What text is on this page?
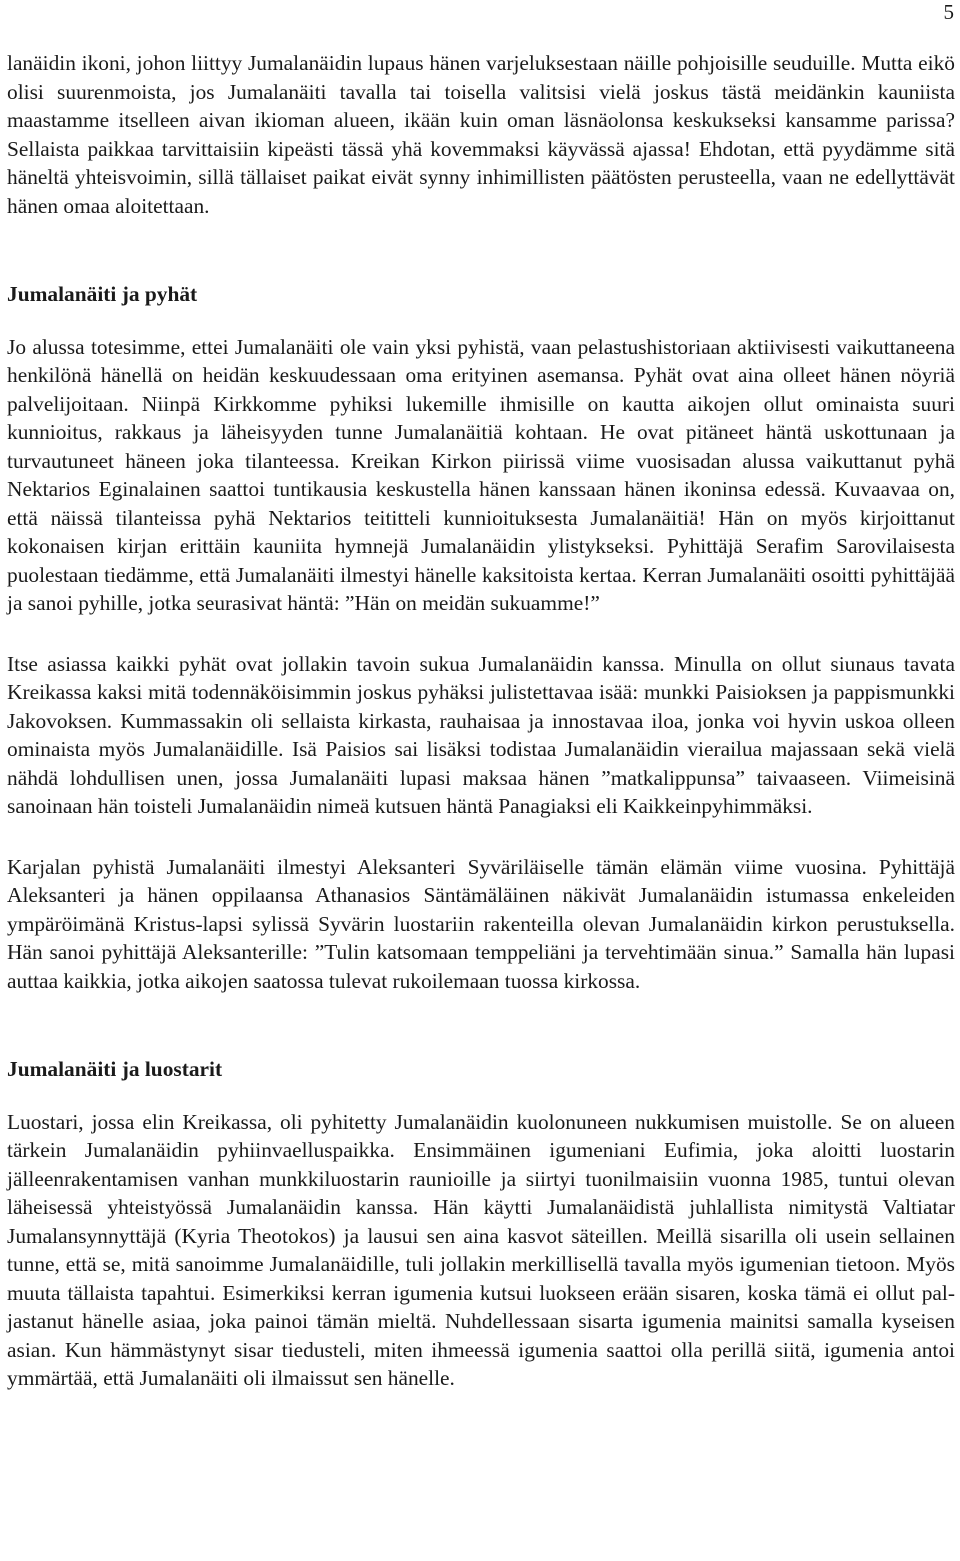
5

lanäidin ikoni, johon liittyy Jumalanäidin lupaus hänen varjeluksestaan näille pohjoisille seuduille. Mutta eikö olisi suurenmoista, jos Jumalanäiti tavalla tai toisella valitsisi vielä joskus tästä meidänkin kauniista maastamme itselleen aivan ikioman alueen, ikään kuin oman läsnäolonsa keskukseksi kansamme parissa? Sellaista paikkaa tarvittaisiin kipeästi tässä yhä kovemmaksi käyvässä ajassa! Ehdotan, että pyydämme sitä häneltä yhteisvoimin, sillä tällaiset paikat eivät synny inhimillisten päätösten perusteella, vaan ne edellyttävät hänen omaa aloitettaan.

Jumalanäiti ja pyhät

Jo alussa totesimme, ettei Jumalanäiti ole vain yksi pyhistä, vaan pelastushistoriaan aktiivisesti vaikuttaneena henkilönä hänellä on heidän keskuudessaan oma erityinen asemansa. Pyhät ovat aina olleet hänen nöyriä palvelijoitaan. Niinpä Kirkkomme pyhiksi lukemille ihmisille on kautta aikojen ollut ominaista suuri kunnioitus, rakkaus ja läheisyyden tunne Jumalanäitiä kohtaan. He ovat pitäneet häntä uskottunaan ja turvautuneet häneen joka tilanteessa. Kreikan Kirkon piirissä viime vuosisadan alussa vaikuttanut pyhä Nektarios Eginalainen saattoi tuntikausia keskustella hänen kanssaan hänen ikoninsa edessä. Kuvaavaa on, että näissä tilanteissa pyhä Nektarios teititteli kunnioituksesta Jumalanäitiä! Hän on myös kirjoittanut kokonaisen kirjan erittäin kauniita hymnejä Jumalanäidin ylistykseksi. Pyhittäjä Serafim Sarovilaisesta puolestaan tiedämme, että Jumalanäiti ilmestyi hänelle kaksitoista kertaa. Kerran Jumalanäiti osoitti pyhittäjää ja sanoi pyhille, jotka seurasivat häntä: ”Hän on meidän sukuamme!”

Itse asiassa kaikki pyhät ovat jollakin tavoin sukua Jumalanäidin kanssa. Minulla on ollut siunaus tavata Kreikassa kaksi mitä todennäköisimmin joskus pyhäksi julistettavaa isää: munkki Paisioksen ja pappismunkki Jakovoksen. Kummassakin oli sellaista kirkasta, rauhaisaa ja innostavaa iloa, jonka voi hyvin uskoa olleen ominaista myös Jumalanäidille. Isä Paisios sai lisäksi todistaa Jumalanäidin vierailua majassaan sekä vielä nähdä lohdullisen unen, jossa Jumalanäiti lupasi maksaa hänen ”matkalippunsa” taivaaseen. Viimeisinä sanoinaan hän toisteli Jumalanäidin nimeä kutsuen häntä Panagiaksi eli Kaikkeinpyhimmäksi.

Karjalan pyhistä Jumalanäiti ilmestyi Aleksanteri Syväriläiselle tämän elämän viime vuosina. Pyhittäjä Aleksanteri ja hänen oppilaansa Athanasios Säntämäläinen näkivät Jumalanäidin istumassa enkeleiden ympäröimänä Kristus-lapsi sylissä Syvärin luostariin rakenteilla olevan Jumalanäidin kirkon perustuksella. Hän sanoi pyhittäjä Aleksanterille: ”Tulin katsomaan temppeliäni ja tervehtimään sinua.” Samalla hän lupasi auttaa kaikkia, jotka aikojen saatossa tulevat rukoilemaan tuossa kirkossa.

Jumalanäiti ja luostarit

Luostari, jossa elin Kreikassa, oli pyhitetty Jumalanäidin kuolonuneen nukkumisen muistolle. Se on alueen tärkein Jumalanäidin pyhiinvaelluspaikka. Ensimmäinen igumeniani Eufimia, joka aloitti luostarin jälleenrakentamisen vanhan munkkiluostarin raunioille ja siirtyi tuonilmaisiin vuonna 1985, tuntui olevan läheisessä yhteistyössä Jumalanäidin kanssa. Hän käytti Jumalanäidistä juhlallista nimitystä Valtiatar Jumalansynnyttäjä (Kyria Theotokos) ja lausui sen aina kasvot säteillen. Meillä sisarilla oli usein sellainen tunne, että se, mitä sanoimme Jumalanäidille, tuli jollakin merkillisellä tavalla myös igumenian tietoon. Myös muuta tällaista tapahtui. Esimerkiksi kerran igumenia kutsui luokseen erään sisaren, koska tämä ei ollut paljastanut hänelle asiaa, joka painoi tämän mieltä. Nuhdellessaan sisarta igumenia mainitsi samalla kyseisen asian. Kun hämmästynyt sisar tiedusteli, miten ihmeessä igumenia saattoi olla perillä siitä, igumenia antoi ymmärtää, että Jumalanäiti oli ilmaissut sen hänelle.
